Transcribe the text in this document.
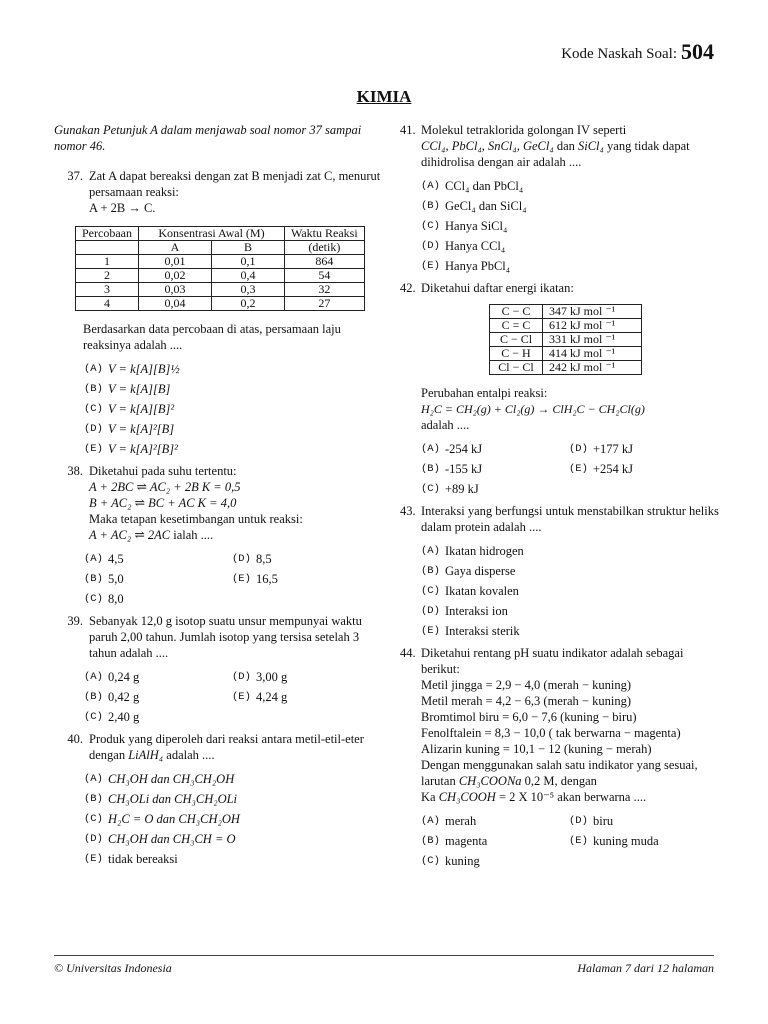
Kode Naskah Soal: 504
KIMIA
Gunakan Petunjuk A dalam menjawab soal nomor 37 sampai nomor 46.
37. Zat A dapat bereaksi dengan zat B menjadi zat C, menurut persamaan reaksi:
A + 2B → C.
Percobaan	Konsentrasi Awal (M)		Waktu Reaksi
	A	B	(detik)
1	0,01	0,1	864
2	0,02	0,4	54
3	0,03	0,3	32
4	0,04	0,2	27
Berdasarkan data percobaan di atas, persamaan laju reaksinya adalah ....
(A) V = k[A][B]½
(B) V = k[A][B]
(C) V = k[A][B]²
(D) V = k[A]²[B]
(E) V = k[A]²[B]²
38. Diketahui pada suhu tertentu:
A + 2BC ⇌ AC₂ + 2B K = 0,5
B + AC₂ ⇌ BC + AC K = 4,0
Maka tetapan kesetimbangan untuk reaksi:
A + AC₂ ⇌ 2AC ialah ....
(A) 4,5	(D) 8,5
(B) 5,0	(E) 16,5
(C) 8,0
39. Sebanyak 12,0 g isotop suatu unsur mempunyai waktu paruh 2,00 tahun. Jumlah isotop yang tersisa setelah 3 tahun adalah ....
(A) 0,24 g	(D) 3,00 g
(B) 0,42 g	(E) 4,24 g
(C) 2,40 g
40. Produk yang diperoleh dari reaksi antara metil-etil-eter dengan LiAlH₄ adalah ....
(A) CH₃OH dan CH₃CH₂OH
(B) CH₃OLi dan CH₃CH₂OLi
(C) H₂C = O dan CH₃CH₂OH
(D) CH₃OH dan CH₃CH = O
(E) tidak bereaksi
41. Molekul tetraklorida golongan IV seperti
CCl₄, PbCl₄, SnCl₄, GeCl₄ dan SiCl₄ yang tidak dapat dihidrolisa dengan air adalah ....
(A) CCl₄ dan PbCl₄
(B) GeCl₄ dan SiCl₄
(C) Hanya SiCl₄
(D) Hanya CCl₄
(E) Hanya PbCl₄
42. Diketahui daftar energi ikatan:
C − C	347 kJ mol ⁻¹
C = C	612 kJ mol ⁻¹
C − Cl	331 kJ mol ⁻¹
C − H	414 kJ mol ⁻¹
Cl − Cl	242 kJ mol ⁻¹
Perubahan entalpi reaksi:
H₂C = CH₂(g) + Cl₂(g) → ClH₂C − CH₂Cl(g)
adalah ....
(A) -254 kJ	(D) +177 kJ
(B) -155 kJ	(E) +254 kJ
(C) +89 kJ
43. Interaksi yang berfungsi untuk menstabilkan struktur heliks dalam protein adalah ....
(A) Ikatan hidrogen
(B) Gaya disperse
(C) Ikatan kovalen
(D) Interaksi ion
(E) Interaksi sterik
44. Diketahui rentang pH suatu indikator adalah sebagai berikut:
Metil jingga = 2,9 − 4,0 (merah − kuning)
Metil merah = 4,2 − 6,3 (merah − kuning)
Bromtimol biru = 6,0 − 7,6 (kuning − biru)
Fenolftalein = 8,3 − 10,0 ( tak berwarna − magenta)
Alizarin kuning = 10,1 − 12 (kuning − merah)
Dengan menggunakan salah satu indikator yang sesuai, larutan CH₃COONa 0,2 M, dengan
Ka CH₃COOH = 2 X 10⁻⁵ akan berwarna ....
(A) merah	(D) biru
(B) magenta	(E) kuning muda
(C) kuning
© Universitas Indonesia	Halaman 7 dari 12 halaman
